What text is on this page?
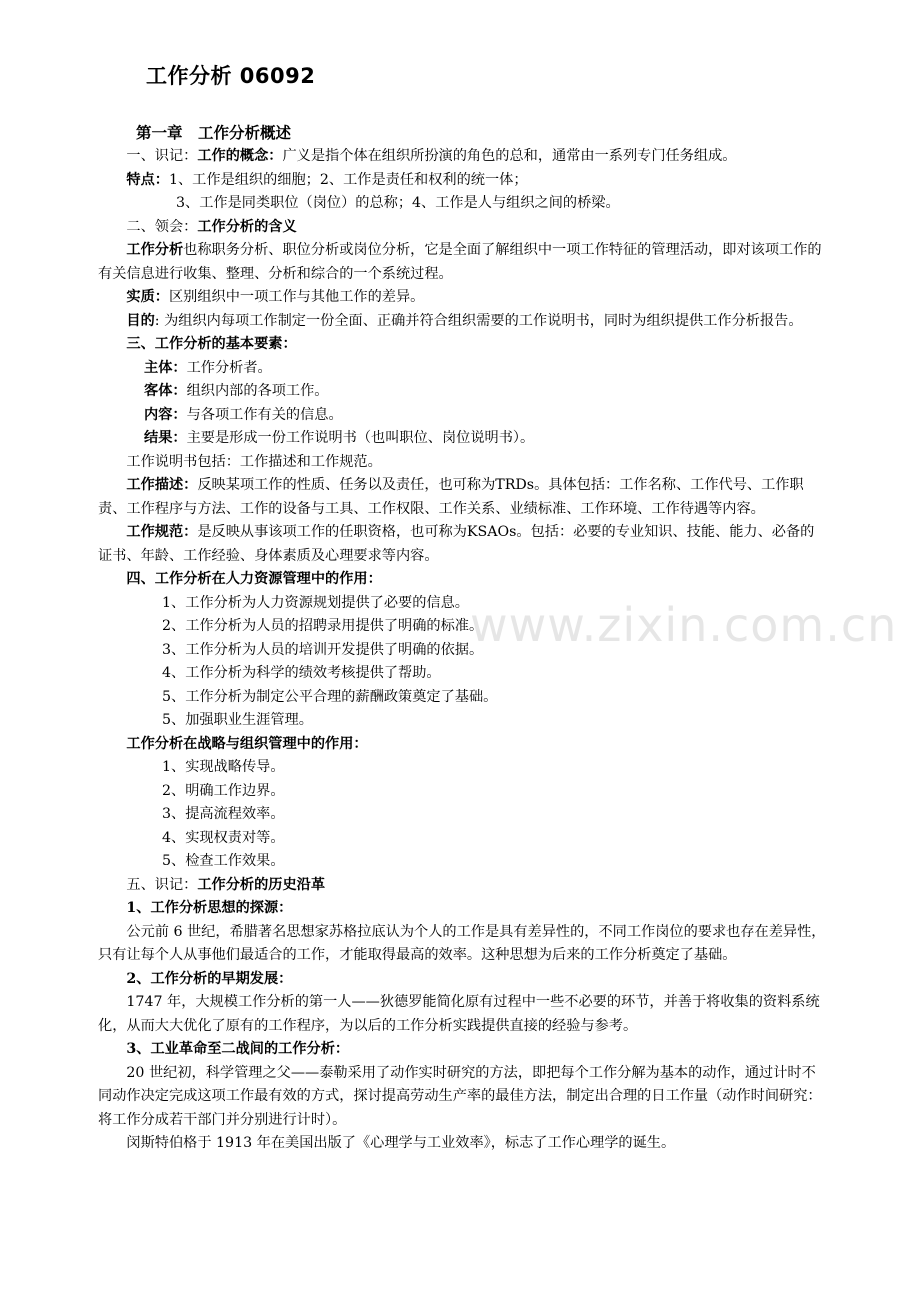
www.zixin.com.cn
工作分析 06092

第一章　工作分析概述

一、识记：工作的概念：广义是指个体在组织所扮演的角色的总和，通常由一系列专门任务组成。

特点：1、工作是组织的细胞；2、工作是责任和权利的统一体；

3、工作是同类职位（岗位）的总称；4、工作是人与组织之间的桥梁。

二、领会：工作分析的含义

工作分析也称职务分析、职位分析或岗位分析，它是全面了解组织中一项工作特征的管理活动，即对该项工作的有关信息进行收集、整理、分析和综合的一个系统过程。

实质：区别组织中一项工作与其他工作的差异。

目的: 为组织内每项工作制定一份全面、正确并符合组织需要的工作说明书，同时为组织提供工作分析报告。

三、工作分析的基本要素：

主体：工作分析者。

客体：组织内部的各项工作。

内容：与各项工作有关的信息。

结果：主要是形成一份工作说明书（也叫职位、岗位说明书）。

工作说明书包括：工作描述和工作规范。

工作描述：反映某项工作的性质、任务以及责任，也可称为TRDs。具体包括：工作名称、工作代号、工作职责、工作程序与方法、工作的设备与工具、工作权限、工作关系、业绩标准、工作环境、工作待遇等内容。

工作规范：是反映从事该项工作的任职资格，也可称为KSAOs。包括：必要的专业知识、技能、能力、必备的证书、年龄、工作经验、身体素质及心理要求等内容。

四、工作分析在人力资源管理中的作用：

1、工作分析为人力资源规划提供了必要的信息。

2、工作分析为人员的招聘录用提供了明确的标准。

3、工作分析为人员的培训开发提供了明确的依据。

4、工作分析为科学的绩效考核提供了帮助。

5、工作分析为制定公平合理的薪酬政策奠定了基础。

5、加强职业生涯管理。

工作分析在战略与组织管理中的作用：

1、实现战略传导。

2、明确工作边界。

3、提高流程效率。

4、实现权责对等。

5、检查工作效果。

五、识记：工作分析的历史沿革

1、工作分析思想的探源：

公元前 6 世纪，希腊著名思想家苏格拉底认为个人的工作是具有差异性的，不同工作岗位的要求也存在差异性，只有让每个人从事他们最适合的工作，才能取得最高的效率。这种思想为后来的工作分析奠定了基础。

2、工作分析的早期发展：

1747 年，大规模工作分析的第一人——狄德罗能简化原有过程中一些不必要的环节，并善于将收集的资料系统化，从而大大优化了原有的工作程序，为以后的工作分析实践提供直接的经验与参考。

3、工业革命至二战间的工作分析：

20 世纪初，科学管理之父——泰勒采用了动作实时研究的方法，即把每个工作分解为基本的动作，通过计时不同动作决定完成这项工作最有效的方式，探讨提高劳动生产率的最佳方法，制定出合理的日工作量（动作时间研究：将工作分成若干部门并分别进行计时）。

闵斯特伯格于 1913 年在美国出版了《心理学与工业效率》，标志了工作心理学的诞生。
